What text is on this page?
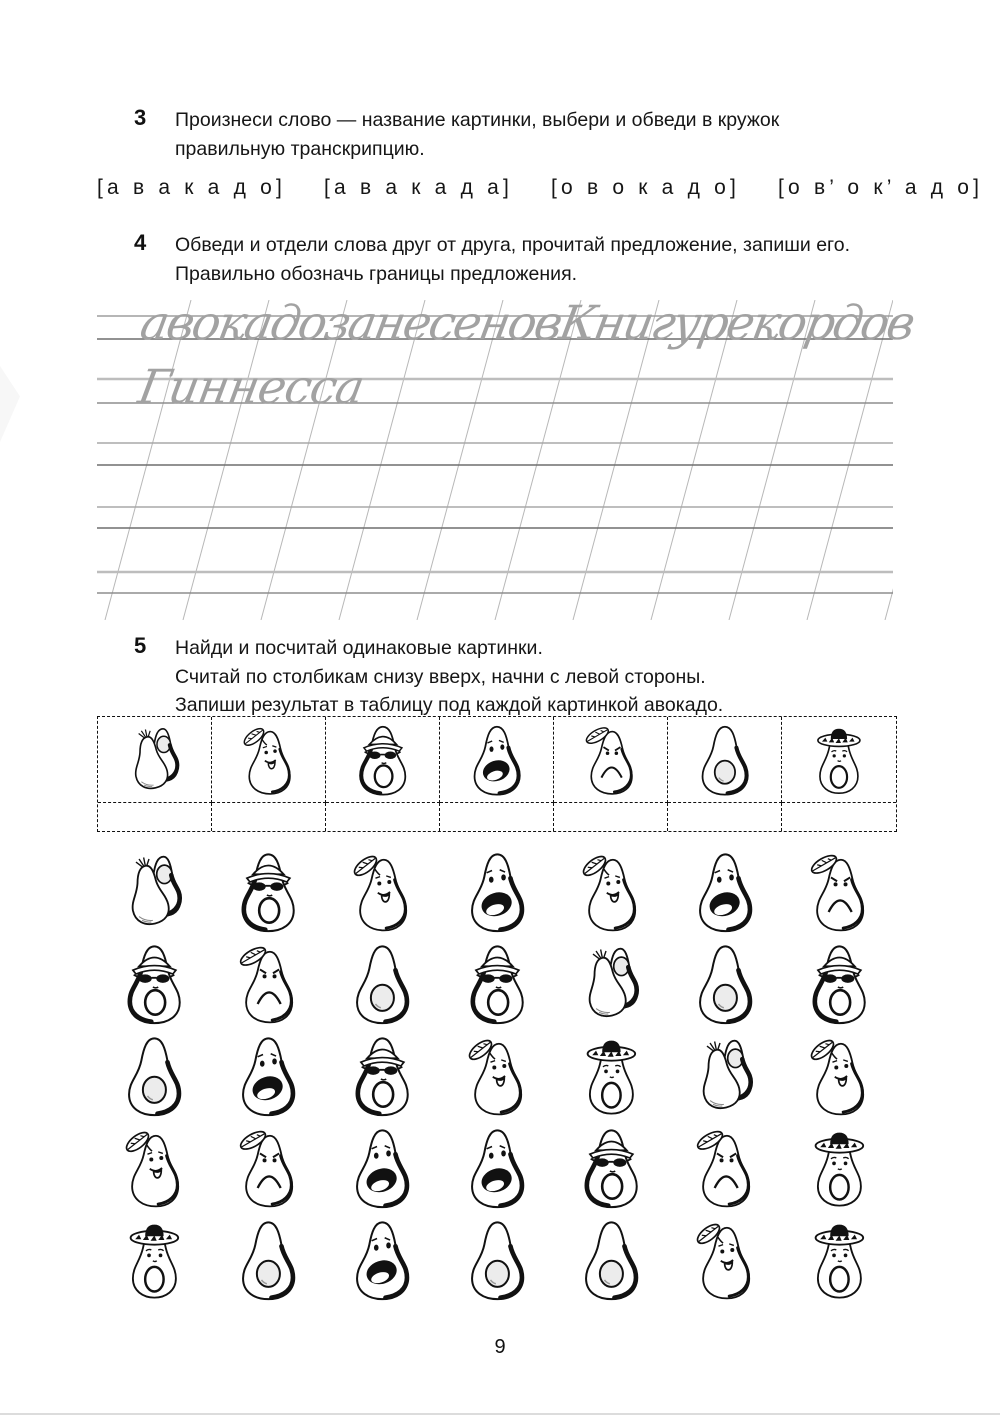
3 Произнеси слово — название картинки, выбери и обведи в кружок
правильную транскрипцию.
[а в а к а д о] [а в а к а д а] [о в о к а д о] [о в’ о к’ а д о]
4 Обведи и отдели слова друг от друга, прочитай предложение, запиши его.
Правильно обозначь границы предложения.
авокадозанесеновКнигурекордов
Гиннесса
5 Найди и посчитай одинаковые картинки.
Считай по столбикам снизу вверх, начни с левой стороны.
Запиши результат в таблицу под каждой картинкой авокадо.
9
